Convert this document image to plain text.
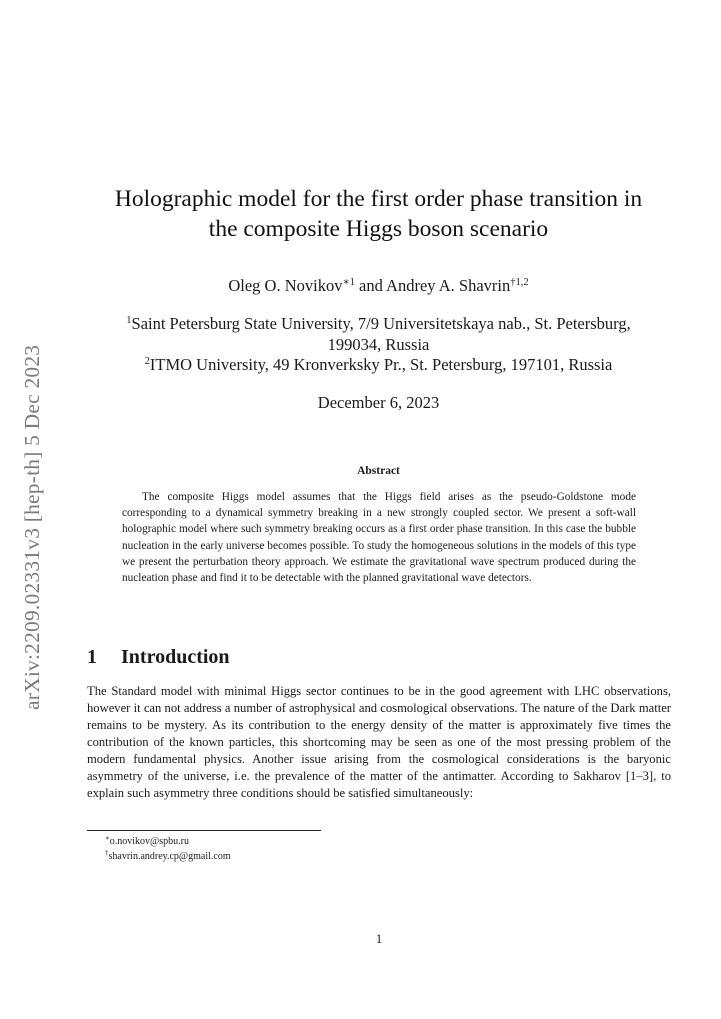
arXiv:2209.02331v3 [hep-th] 5 Dec 2023
Holographic model for the first order phase transition in
the composite Higgs boson scenario
Oleg O. Novikov$^{∗1}$ and Andrey A. Shavrin$^{\dagger 1,2}$
$^1$Saint Petersburg State University, 7/9 Universitetskaya nab., St. Petersburg,
199034, Russia
$^2$ITMO University, 49 Kronverksky Pr., St. Petersburg, 197101, Russia
December 6, 2023
Abstract
The composite Higgs model assumes that the Higgs field arises as the pseudo-Goldstone mode corresponding to a dynamical symmetry breaking in a new strongly coupled sector. We present a soft-wall holographic model where such symmetry breaking occurs as a first order phase transition. In this case the bubble nucleation in the early universe becomes possible. To study the homogeneous solutions in the models of this type we present the perturbation theory approach. We estimate the gravitational wave spectrum produced during the nucleation phase and find it to be detectable with the planned gravitational wave detectors.
1 Introduction
The Standard model with minimal Higgs sector continues to be in the good agreement with LHC observations, however it can not address a number of astrophysical and cosmological observations. The nature of the Dark matter remains to be mystery. As its contribution to the energy density of the matter is approximately five times the contribution of the known particles, this shortcoming may be seen as one of the most pressing problem of the modern fundamental physics. Another issue arising from the cosmological considerations is the baryonic asymmetry of the universe, i.e. the prevalence of the matter of the antimatter. According to Sakharov [1–3], to explain such asymmetry three conditions should be satisfied simultaneously:
∗o.novikov@spbu.ru
†shavrin.andrey.cp@gmail.com
1
